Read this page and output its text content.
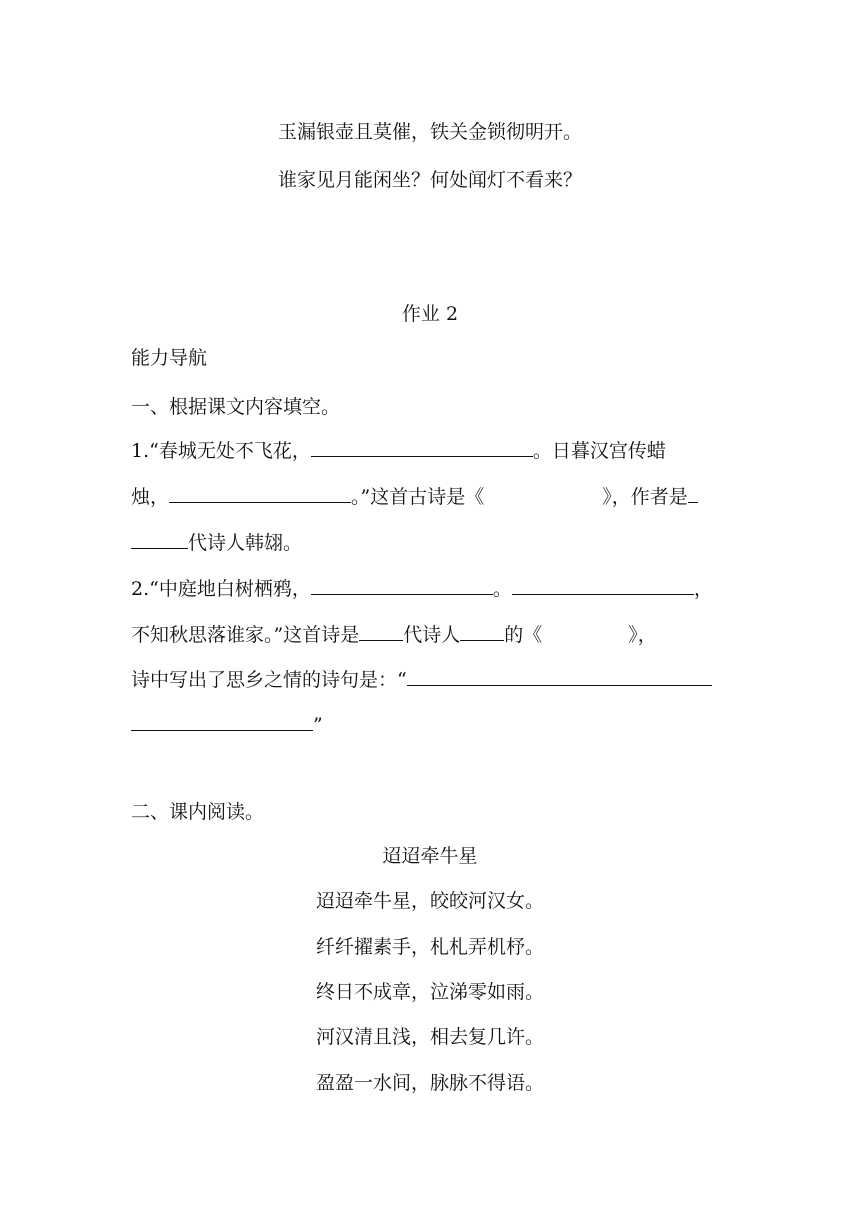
玉漏银壶且莫催，铁关金锁彻明开。
谁家见月能闲坐？何处闻灯不看来？
作业 2
能力导航
一、根据课文内容填空。
1.“春城无处不飞花，	。日暮汉宫传蜡
烛，	。”这首古诗是《	》，作者是
代诗人韩翃。
2.“中庭地白树栖鸦，	。	，
不知秋思落谁家。”这首诗是 代诗人 的《	》，
诗中写出了思乡之情的诗句是：“
”
二、课内阅读。
迢迢牵牛星
迢迢牵牛星，皎皎河汉女。
纤纤擢素手，札札弄机杼。
终日不成章，泣涕零如雨。
河汉清且浅，相去复几许。
盈盈一水间，脉脉不得语。
